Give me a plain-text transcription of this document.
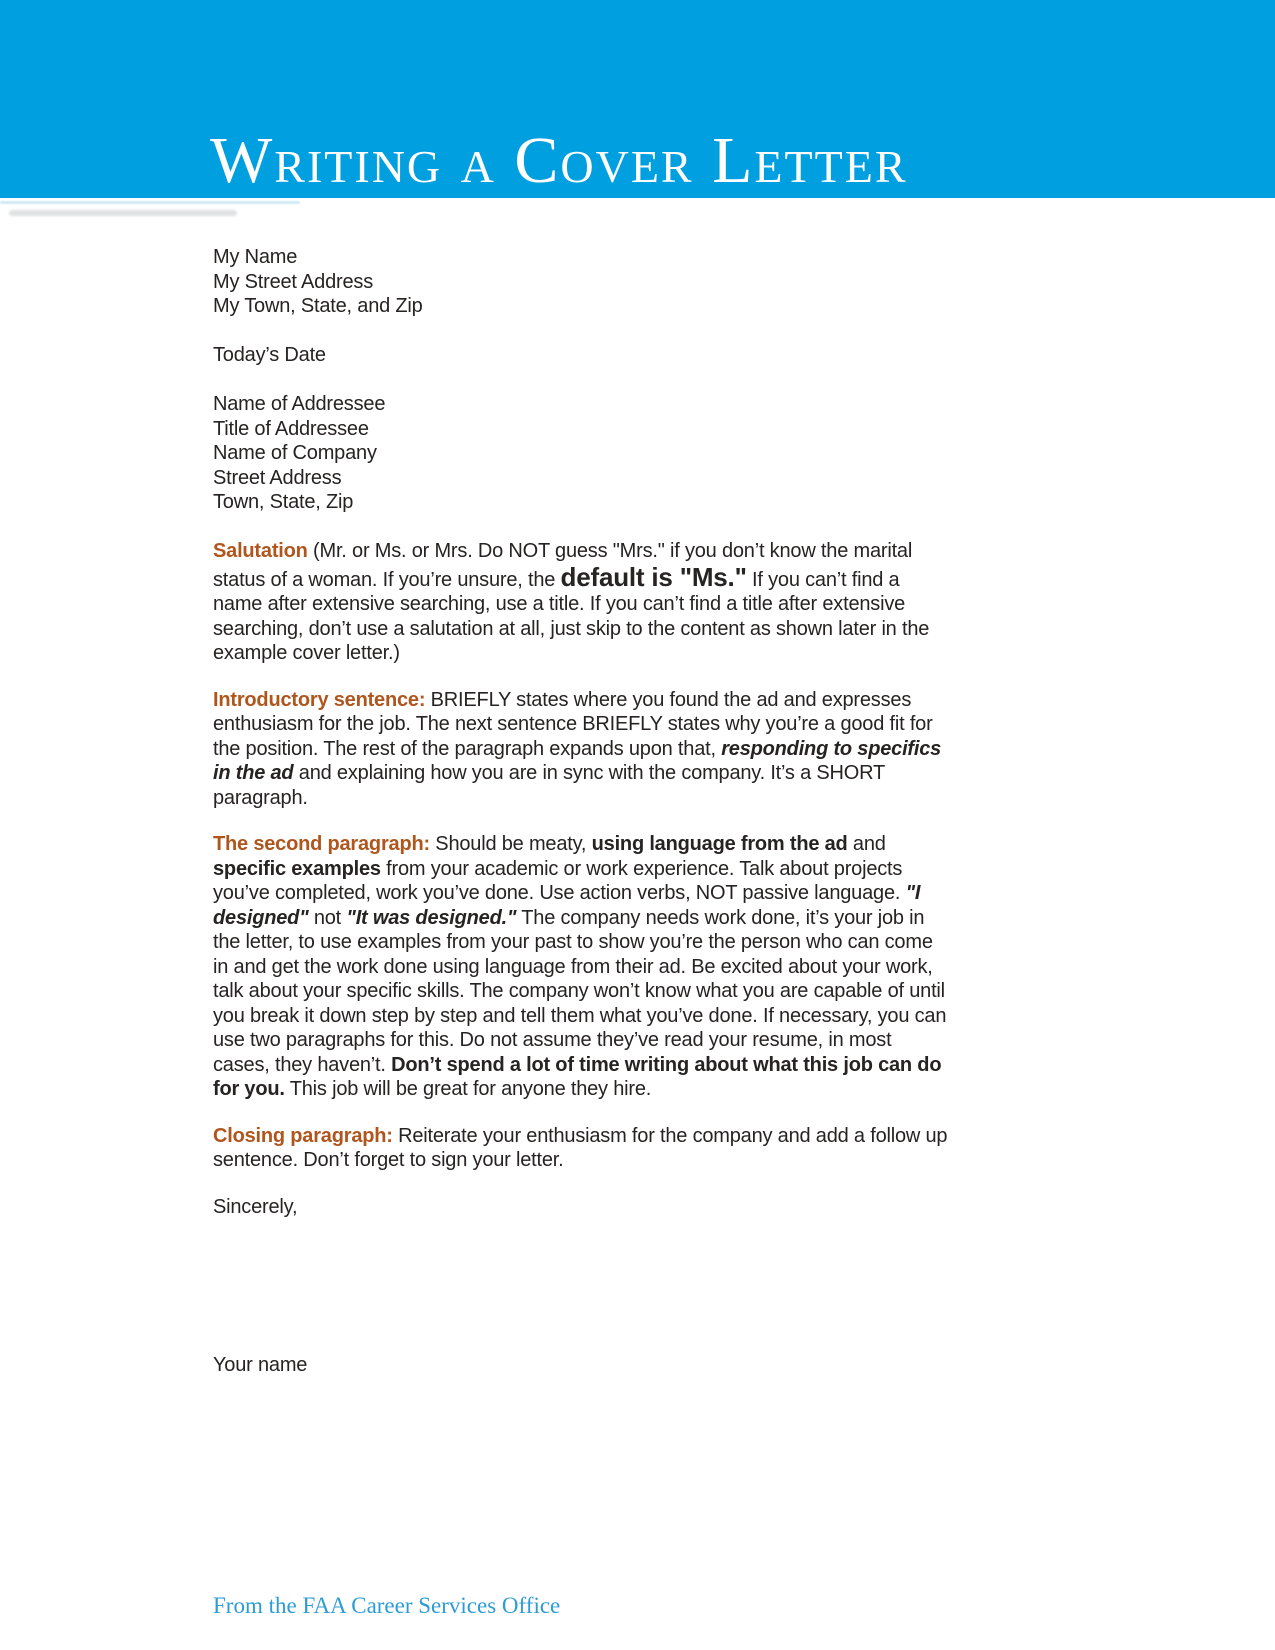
Writing a Cover Letter
My Name
My Street Address
My Town, State, and Zip
Today’s Date
Name of Addressee
Title of Addressee
Name of Company
Street Address
Town, State, Zip

Salutation (Mr. or Ms. or Mrs. Do NOT guess "Mrs." if you don’t know the marital status of a woman. If you’re unsure, the default is "Ms." If you can’t find a name after extensive searching, use a title. If you can’t find a title after extensive searching, don’t use a salutation at all, just skip to the content as shown later in the example cover letter.)

Introductory sentence: BRIEFLY states where you found the ad and expresses enthusiasm for the job. The next sentence BRIEFLY states why you’re a good fit for the position. The rest of the paragraph expands upon that, responding to specifics in the ad and explaining how you are in sync with the company. It’s a SHORT paragraph.

The second paragraph: Should be meaty, using language from the ad and specific examples from your academic or work experience. Talk about projects you’ve completed, work you’ve done. Use action verbs, NOT passive language. "I designed" not "It was designed." The company needs work done, it’s your job in the letter, to use examples from your past to show you’re the person who can come in and get the work done using language from their ad. Be excited about your work, talk about your specific skills. The company won’t know what you are capable of until you break it down step by step and tell them what you’ve done. If necessary, you can use two paragraphs for this. Do not assume they’ve read your resume, in most cases, they haven’t. Don’t spend a lot of time writing about what this job can do for you. This job will be great for anyone they hire.

Closing paragraph: Reiterate your enthusiasm for the company and add a follow up sentence. Don’t forget to sign your letter.

Sincerely,
Your name
From the FAA Career Services Office
